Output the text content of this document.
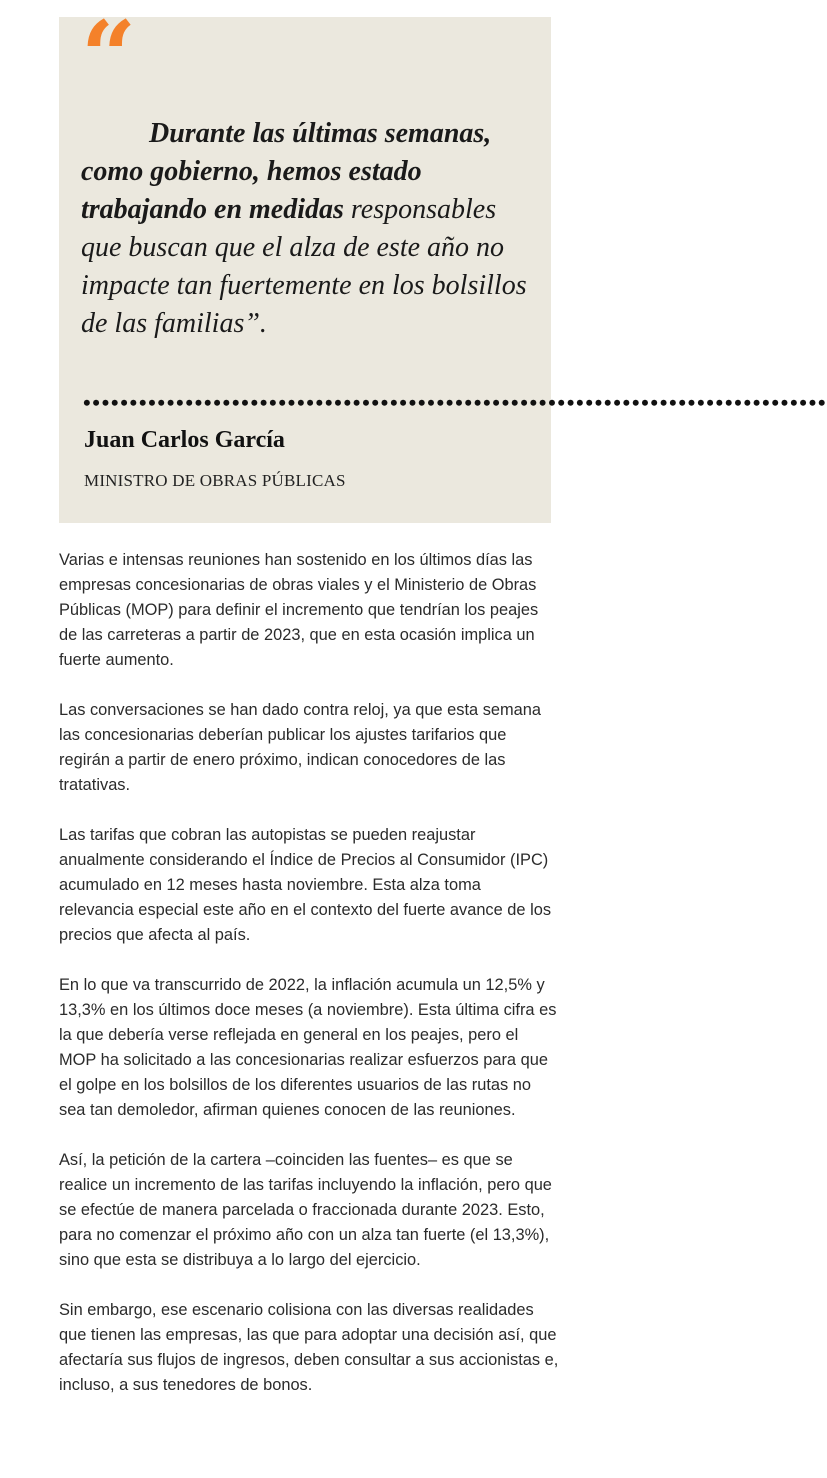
“
Durante las últimas semanas, como gobierno, hemos estado trabajando en medidas responsables que buscan que el alza de este año no impacte tan fuertemente en los bolsillos de las familias”.
••••••••••••••••••••••••••••••••••••••••••••••••••••••••••••••••••••••••••••••••
Juan Carlos García
MINISTRO DE OBRAS PÚBLICAS

Varias e intensas reuniones han sostenido en los últimos días las empresas concesionarias de obras viales y el Ministerio de Obras Públicas (MOP) para definir el incremento que tendrían los peajes de las carreteras a partir de 2023, que en esta ocasión implica un fuerte aumento.

Las conversaciones se han dado contra reloj, ya que esta semana las concesionarias deberían publicar los ajustes tarifarios que regirán a partir de enero próximo, indican conocedores de las tratativas.

Las tarifas que cobran las autopistas se pueden reajustar anualmente considerando el Índice de Precios al Consumidor (IPC) acumulado en 12 meses hasta noviembre. Esta alza toma relevancia especial este año en el contexto del fuerte avance de los precios que afecta al país.

En lo que va transcurrido de 2022, la inflación acumula un 12,5% y 13,3% en los últimos doce meses (a noviembre). Esta última cifra es la que debería verse reflejada en general en los peajes, pero el MOP ha solicitado a las concesionarias realizar esfuerzos para que el golpe en los bolsillos de los diferentes usuarios de las rutas no sea tan demoledor, afirman quienes conocen de las reuniones.

Así, la petición de la cartera –coinciden las fuentes– es que se realice un incremento de las tarifas incluyendo la inflación, pero que se efectúe de manera parcelada o fraccionada durante 2023. Esto, para no comenzar el próximo año con un alza tan fuerte (el 13,3%), sino que esta se distribuya a lo largo del ejercicio.

Sin embargo, ese escenario colisiona con las diversas realidades que tienen las empresas, las que para adoptar una decisión así, que afectaría sus flujos de ingresos, deben consultar a sus accionistas e, incluso, a sus tenedores de bonos.
